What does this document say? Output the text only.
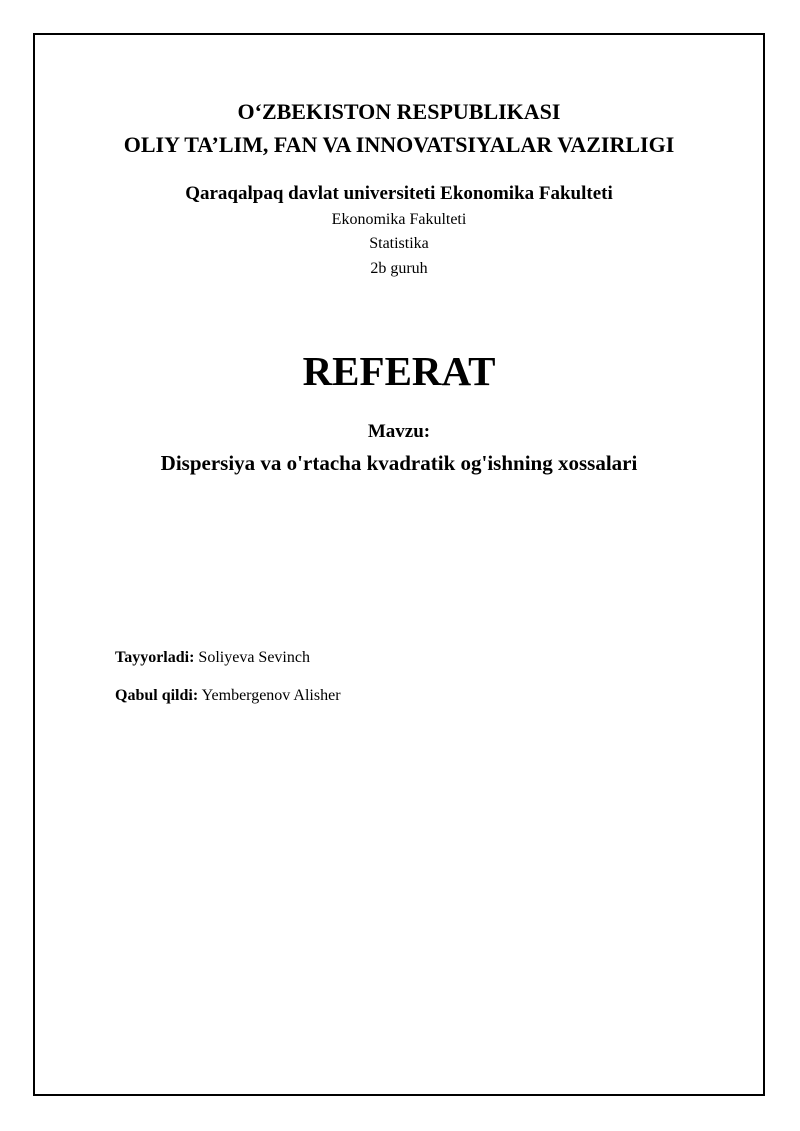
O‘ZBEKISTON RESPUBLIKASI
OLIY TA’LIM, FAN VA INNOVATSIYALAR VAZIRLIGI
Qaraqalpaq davlat universiteti Ekonomika Fakulteti
Ekonomika Fakulteti
Statistika
2b guruh
REFERAT
Mavzu:
Dispersiya va o'rtacha kvadratik og'ishning xossalari
Tayyorladi: Soliyeva Sevinch
Qabul qildi: Yembergenov Alisher
